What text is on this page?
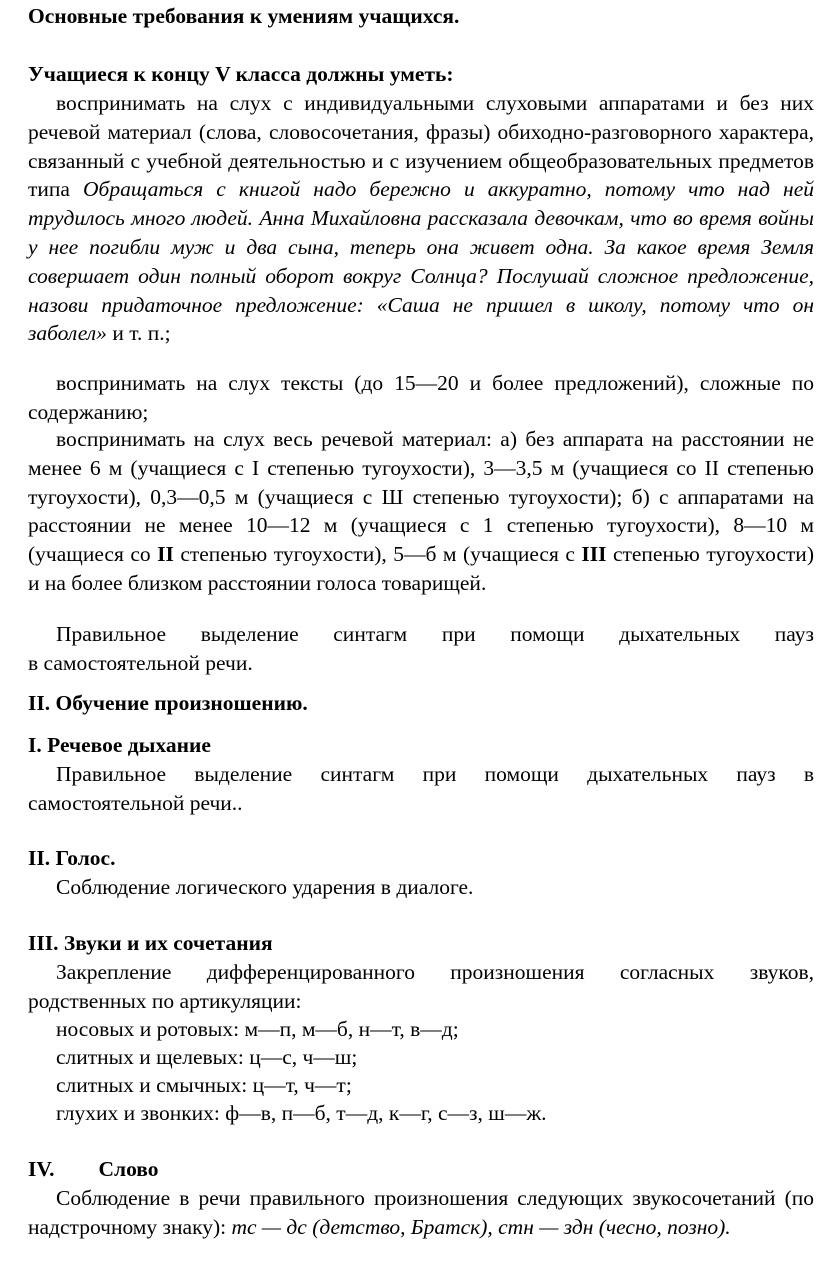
Основные требования к умениям учащихся.
Учащиеся к концу V класса должны уметь:
воспринимать на слух с индивидуальными слуховыми аппаратами и без них речевой материал (слова, словосочетания, фразы) обиходно-разговорного характера, связанный с учебной деятельностью и с изучением общеобразовательных предметов типа Обращаться с книгой надо бережно и аккуратно, потому что над ней трудилось много людей. Анна Михайловна рассказала девочкам, что во время войны у нее погибли муж и два сына, теперь она живет одна. За какое время Земля совершает один полный оборот вокруг Солнца? Послушай сложное предложение, назови придаточное предложение: «Саша не пришел в школу, потому что он заболел» и т. п.;
воспринимать на слух тексты (до 15—20 и более предложений), сложные по содержанию;
воспринимать на слух весь речевой материал: а) без аппарата на расстоянии не менее 6 м (учащиеся с I степенью тугоухости), 3—3,5 м (учащиеся со II степенью тугоухости), 0,3—0,5 м (учащиеся с Ш степенью тугоухости); б) с аппаратами на расстоянии не менее 10—12 м (учащиеся с 1 степенью тугоухости), 8—10 м (учащиеся со II степенью тугоухости), 5—б м (учащиеся с III степенью тугоухости) и на более близком расстоянии голоса товарищей.
Правильное выделение синтагм при помощи дыхательных пауз
в самостоятельной речи.
II. Обучение произношению.
I. Речевое дыхание
Правильное выделение синтагм при помощи дыхательных пауз в самостоятельной речи..
II. Голос.
Соблюдение логического ударения в диалоге.
III. Звуки и их сочетания
Закрепление дифференцированного произношения согласных звуков, родственных по артикуляции:
носовых и ротовых: м—п, м—б, н—т, в—д;
слитных и щелевых: ц—с, ч—ш;
слитных и смычных: ц—т, ч—т;
глухих и звонких: ф—в, п—б, т—д, к—г, с—з, ш—ж.
IV. Слово
Соблюдение в речи правильного произношения следующих звукосочетаний (по надстрочному знаку): тс — дс (детство, Братск), стн — здн (чесно, позно).
